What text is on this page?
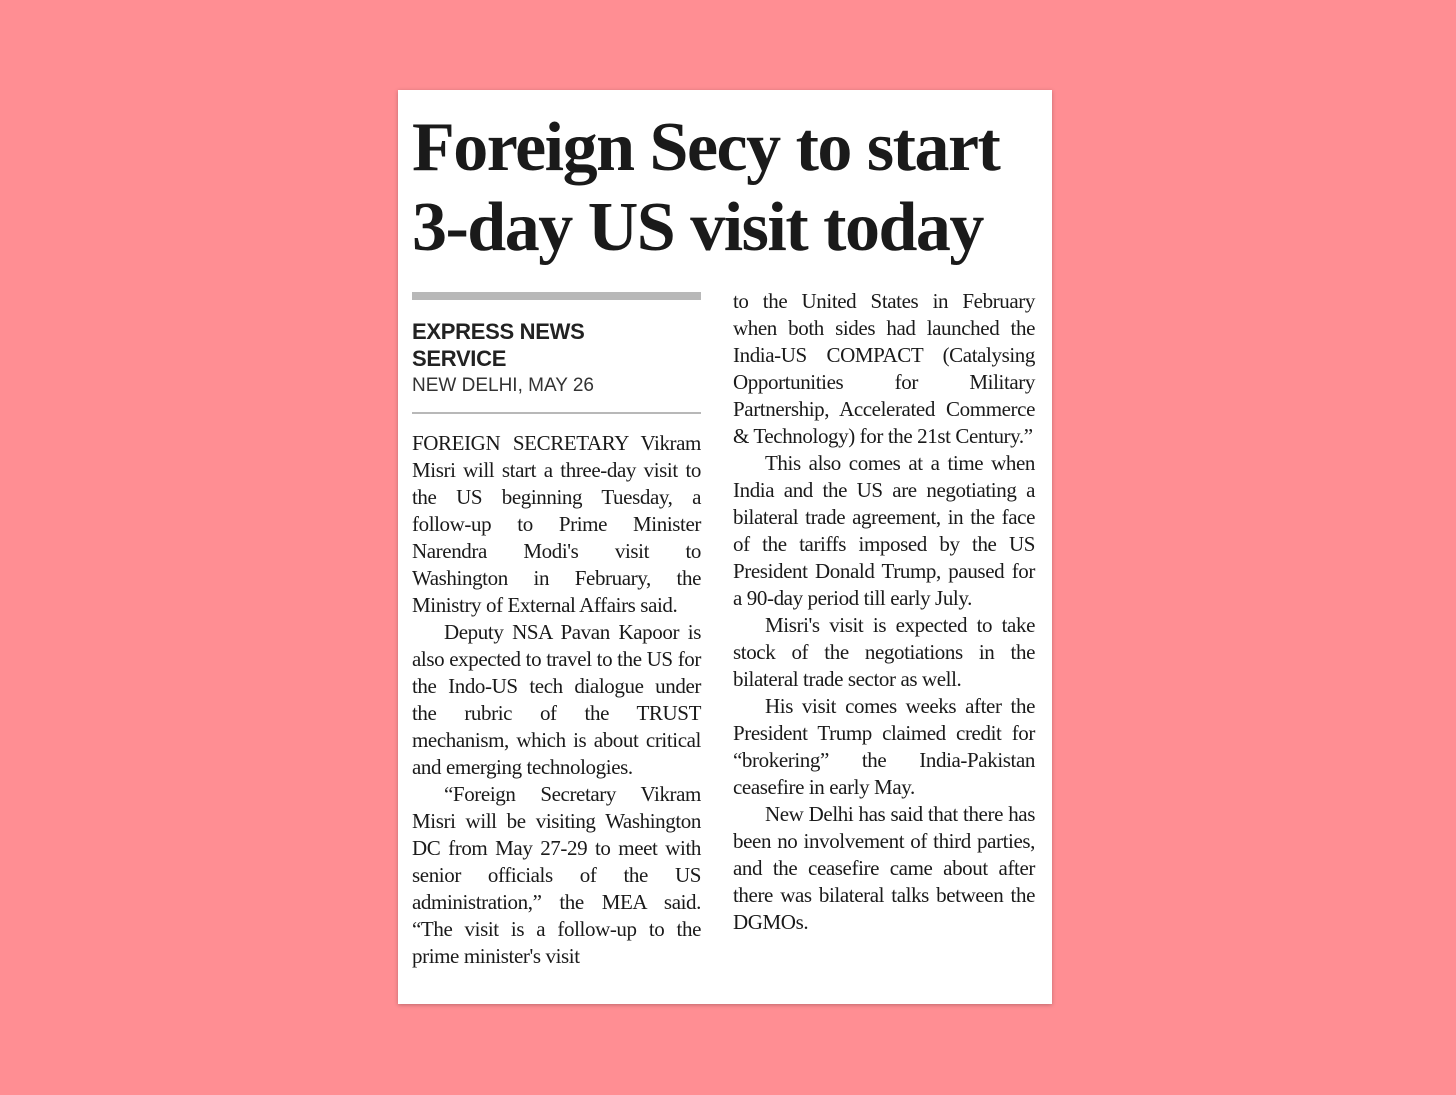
Foreign Secy to start
3-day US visit today
EXPRESS NEWS
SERVICE
NEW DELHI, MAY 26

FOREIGN SECRETARY Vikram Misri will start a three-day visit to the US beginning Tuesday, a follow-up to Prime Minister Narendra Modi's visit to Washington in February, the Ministry of External Affairs said.

Deputy NSA Pavan Kapoor is also expected to travel to the US for the Indo-US tech dialogue under the rubric of the TRUST mechanism, which is about critical and emerging technologies.

“Foreign Secretary Vikram Misri will be visiting Washington DC from May 27-29 to meet with senior officials of the US administration,” the MEA said. “The visit is a follow-up to the prime minister's visit

to the United States in February when both sides had launched the India-US COMPACT (Catalysing Opportunities for Military Partnership, Accelerated Commerce & Technology) for the 21st Century.”

This also comes at a time when India and the US are negotiating a bilateral trade agreement, in the face of the tariffs imposed by the US President Donald Trump, paused for a 90-day period till early July.

Misri's visit is expected to take stock of the negotiations in the bilateral trade sector as well.

His visit comes weeks after the President Trump claimed credit for “brokering” the India-Pakistan ceasefire in early May.

New Delhi has said that there has been no involvement of third parties, and the ceasefire came about after there was bilateral talks between the DGMOs.
